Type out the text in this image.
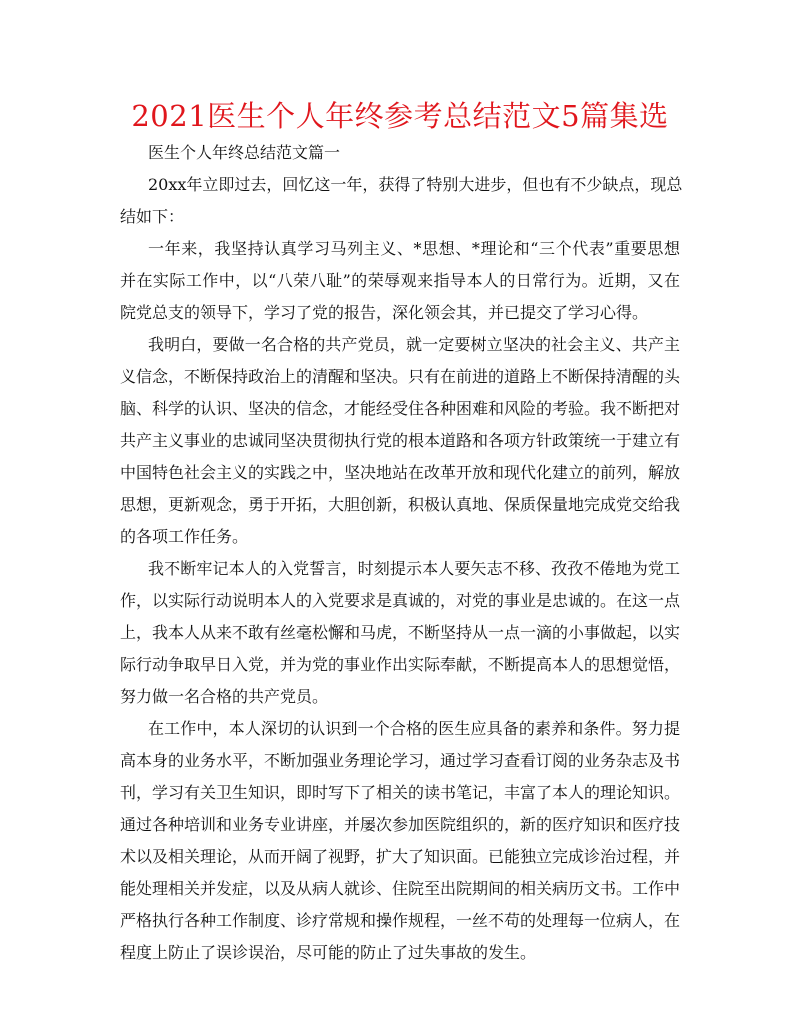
2021医生个人年终参考总结范文5篇集选

医生个人年终总结范文篇一

20xx年立即过去，回忆这一年，获得了特别大进步，但也有不少缺点，现总
结如下：

一年来，我坚持认真学习马列主义、*思想、*理论和“三个代表”重要思想
并在实际工作中，以“八荣八耻”的荣辱观来指导本人的日常行为。近期，又在
院党总支的领导下，学习了党的报告，深化领会其，并已提交了学习心得。

我明白，要做一名合格的共产党员，就一定要树立坚决的社会主义、共产主
义信念，不断保持政治上的清醒和坚决。只有在前进的道路上不断保持清醒的头
脑、科学的认识、坚决的信念，才能经受住各种困难和风险的考验。我不断把对
共产主义事业的忠诚同坚决贯彻执行党的根本道路和各项方针政策统一于建立有
中国特色社会主义的实践之中，坚决地站在改革开放和现代化建立的前列，解放
思想，更新观念，勇于开拓，大胆创新，积极认真地、保质保量地完成党交给我
的各项工作任务。

我不断牢记本人的入党誓言，时刻提示本人要矢志不移、孜孜不倦地为党工
作，以实际行动说明本人的入党要求是真诚的，对党的事业是忠诚的。在这一点
上，我本人从来不敢有丝毫松懈和马虎，不断坚持从一点一滴的小事做起，以实
际行动争取早日入党，并为党的事业作出实际奉献，不断提高本人的思想觉悟，
努力做一名合格的共产党员。

在工作中，本人深切的认识到一个合格的医生应具备的素养和条件。努力提
高本身的业务水平，不断加强业务理论学习，通过学习查看订阅的业务杂志及书
刊，学习有关卫生知识，即时写下了相关的读书笔记，丰富了本人的理论知识。
通过各种培训和业务专业讲座，并屡次参加医院组织的，新的医疗知识和医疗技
术以及相关理论，从而开阔了视野，扩大了知识面。已能独立完成诊治过程，并
能处理相关并发症，以及从病人就诊、住院至出院期间的相关病历文书。工作中
严格执行各种工作制度、诊疗常规和操作规程，一丝不苟的处理每一位病人，在
程度上防止了误诊误治，尽可能的防止了过失事故的发生。
